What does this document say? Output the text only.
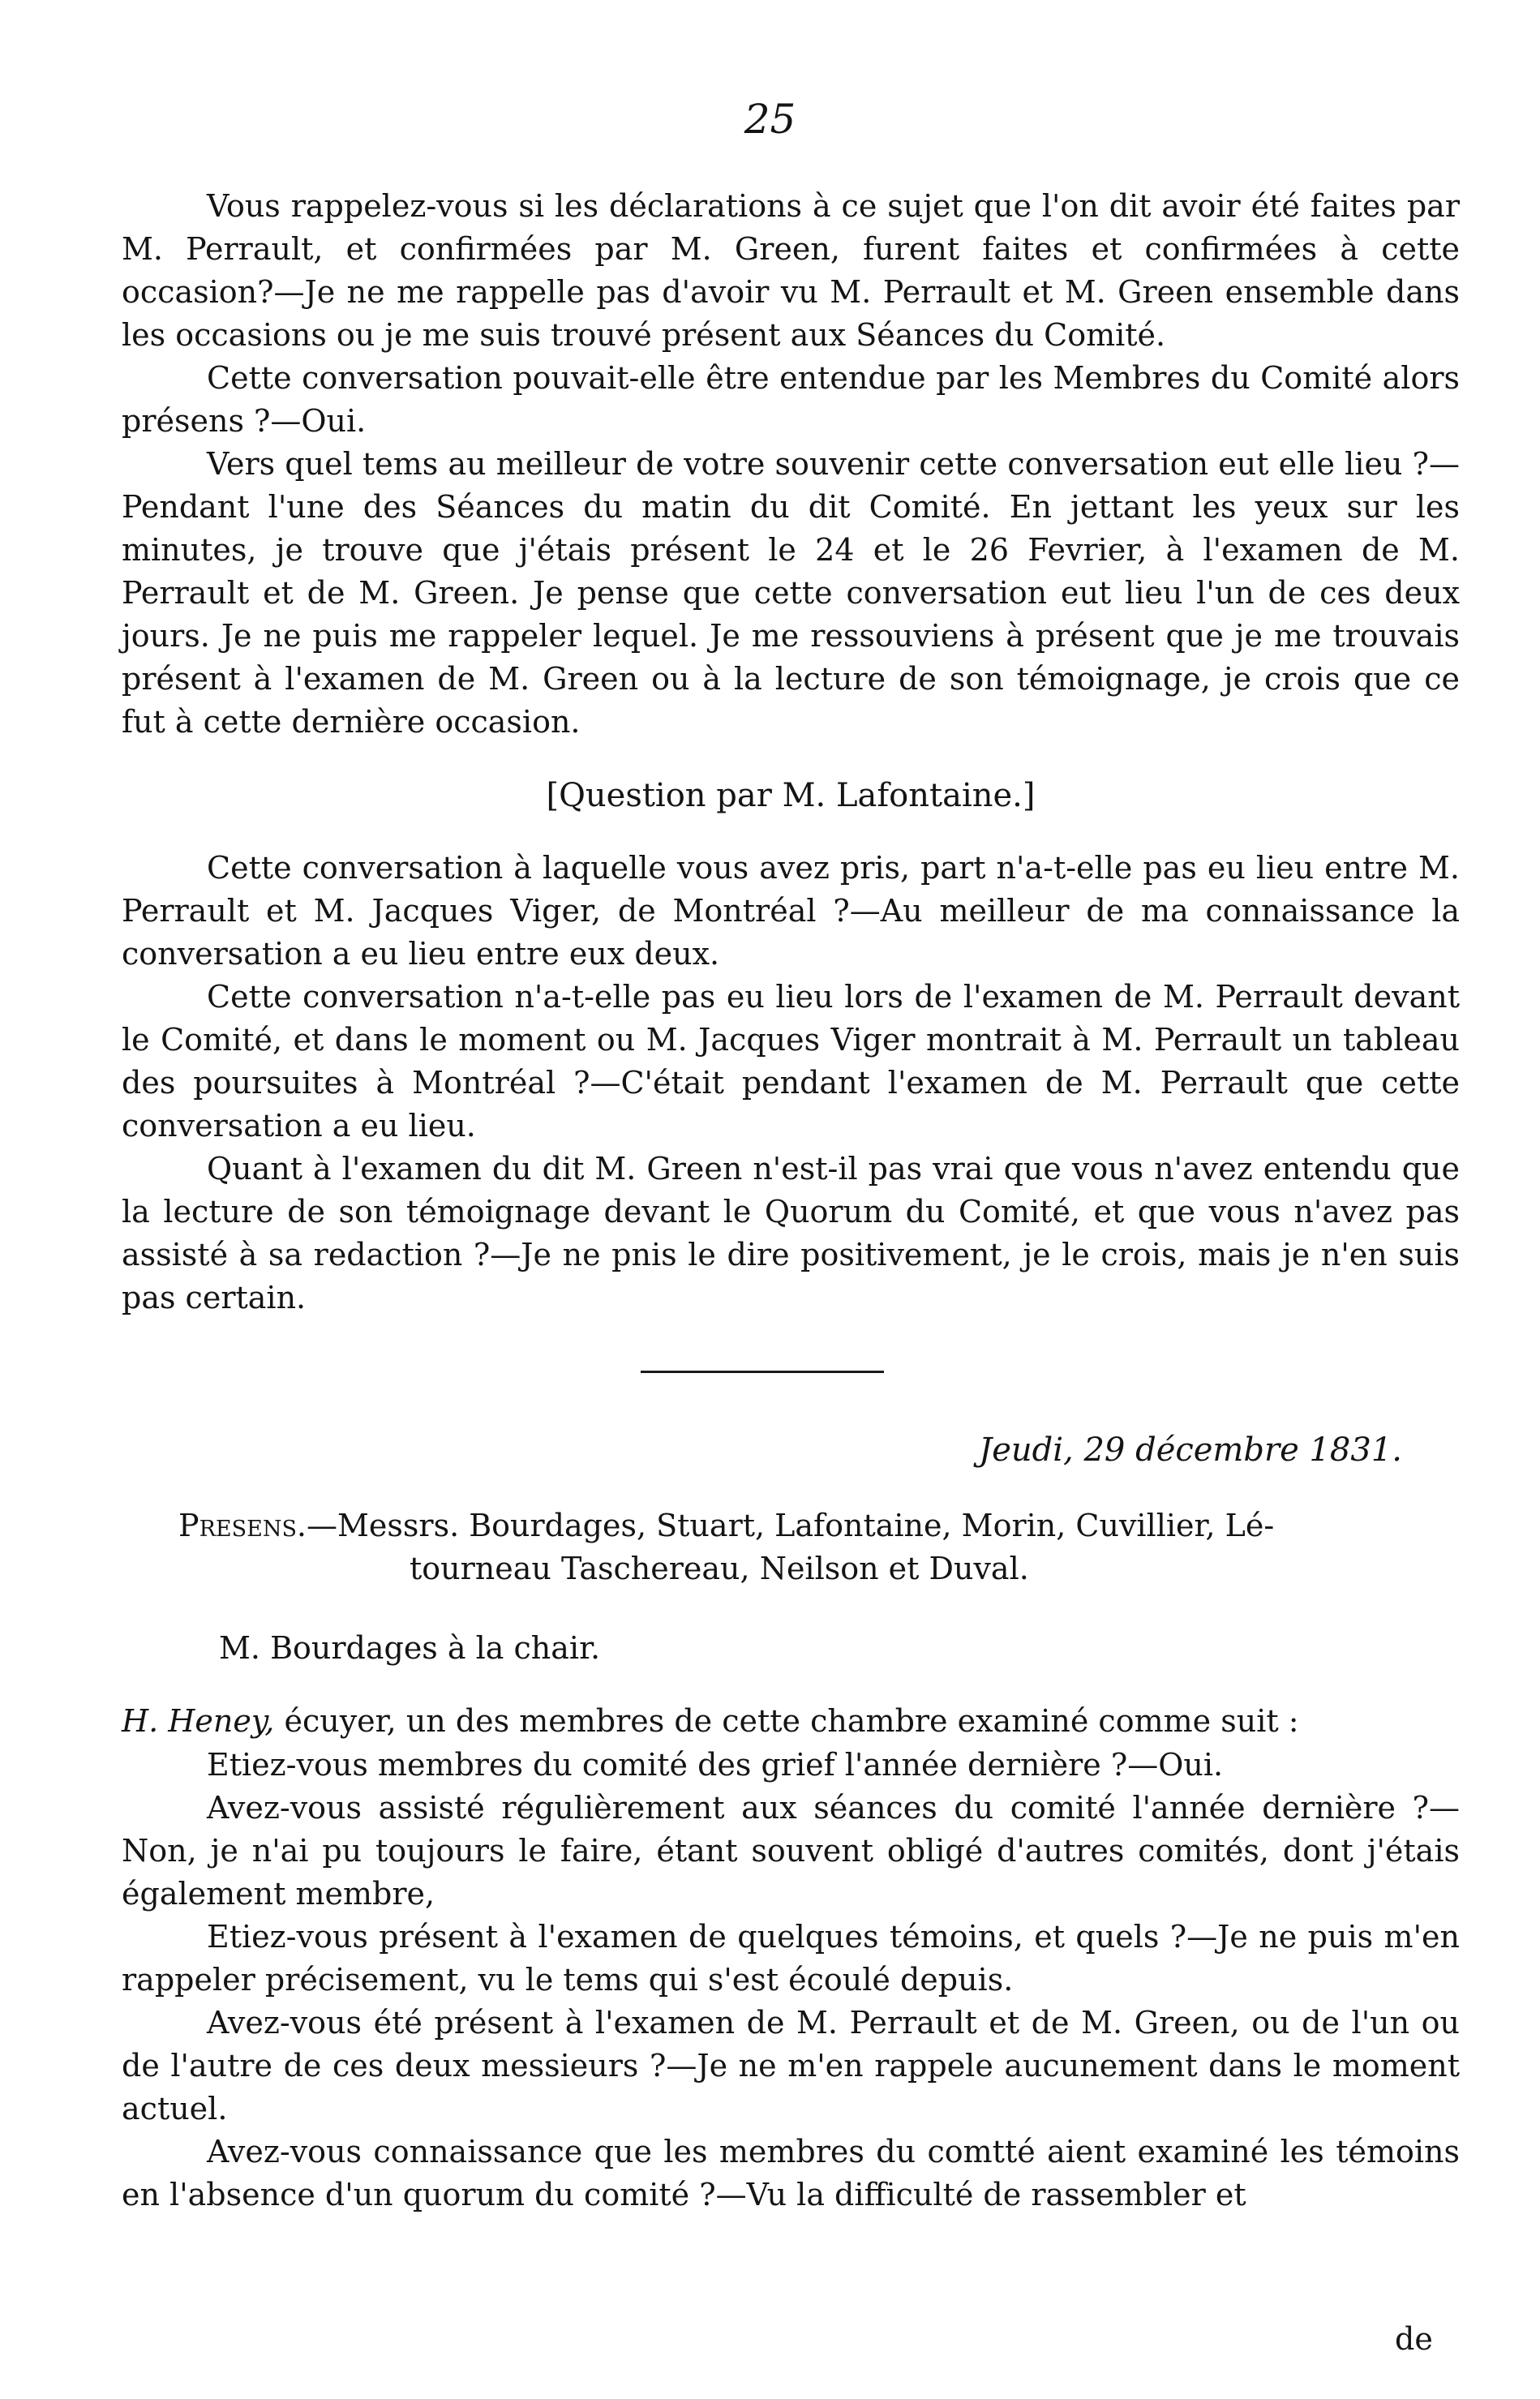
25

Vous rappelez-vous si les déclarations à ce sujet que l'on dit avoir été faites par M. Perrault, et confirmées par M. Green, furent faites et confirmées à cette occasion?—Je ne me rappelle pas d'avoir vu M. Perrault et M. Green ensemble dans les occasions ou je me suis trouvé présent aux Séances du Comité.

Cette conversation pouvait-elle être entendue par les Membres du Comité alors présens ?—Oui.

Vers quel tems au meilleur de votre souvenir cette conversation eut elle lieu ?—Pendant l'une des Séances du matin du dit Comité. En jettant les yeux sur les minutes, je trouve que j'étais présent le 24 et le 26 Fevrier, à l'examen de M. Perrault et de M. Green. Je pense que cette conversation eut lieu l'un de ces deux jours. Je ne puis me rappeler lequel. Je me ressouviens à présent que je me trouvais présent à l'examen de M. Green ou à la lecture de son témoignage, je crois que ce fut à cette dernière occasion.

[Question par M. Lafontaine.]

Cette conversation à laquelle vous avez pris, part n'a-t-elle pas eu lieu entre M. Perrault et M. Jacques Viger, de Montréal ?—Au meilleur de ma connaissance la conversation a eu lieu entre eux deux.

Cette conversation n'a-t-elle pas eu lieu lors de l'examen de M. Perrault devant le Comité, et dans le moment ou M. Jacques Viger montrait à M. Perrault un tableau des poursuites à Montréal ?—C'était pendant l'examen de M. Perrault que cette conversation a eu lieu.

Quant à l'examen du dit M. Green n'est-il pas vrai que vous n'avez entendu que la lecture de son témoignage devant le Quorum du Comité, et que vous n'avez pas assisté à sa redaction ?—Je ne pnis le dire positivement, je le crois, mais je n'en suis pas certain.

Jeudi, 29 décembre 1831.
Presens.—Messrs. Bourdages, Stuart, Lafontaine, Morin, Cuvillier, Lé-
tourneau Taschereau, Neilson et Duval.
M. Bourdages à la chair.
H. Heney, écuyer, un des membres de cette chambre examiné comme suit :

Etiez-vous membres du comité des grief l'année dernière ?—Oui.

Avez-vous assisté régulièrement aux séances du comité l'année dernière ?—Non, je n'ai pu toujours le faire, étant souvent obligé d'autres comités, dont j'étais également membre,

Etiez-vous présent à l'examen de quelques témoins, et quels ?—Je ne puis m'en rappeler précisement, vu le tems qui s'est écoulé depuis.

Avez-vous été présent à l'examen de M. Perrault et de M. Green, ou de l'un ou de l'autre de ces deux messieurs ?—Je ne m'en rappele aucunement dans le moment actuel.

Avez-vous connaissance que les membres du comtté aient examiné les témoins en l'absence d'un quorum du comité ?—Vu la difficulté de rassembler et

de
